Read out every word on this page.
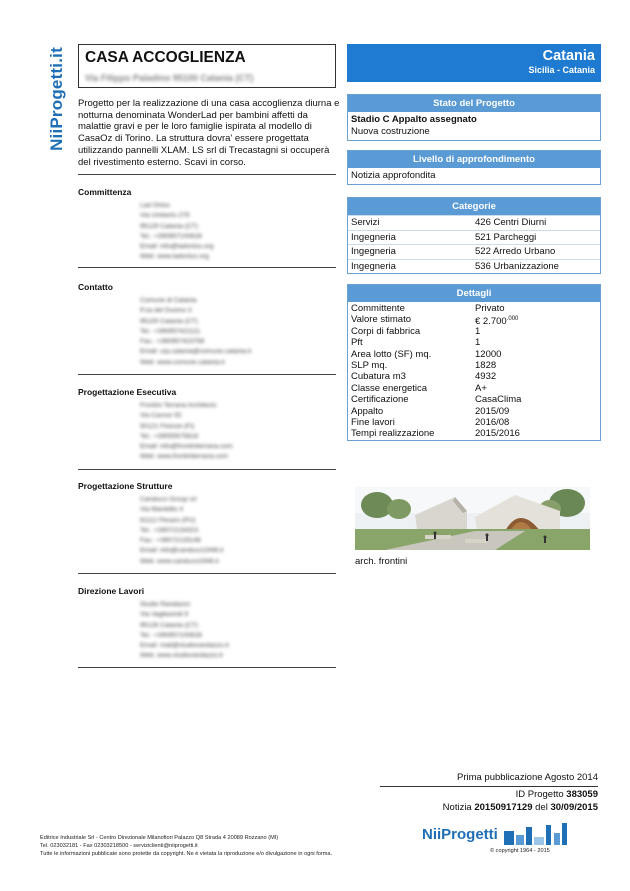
NiiProgetti.it CASA ACCOGLIENZA
Via Filippo Paladino 95100 Catania (CT)
Progetto per la realizzazione di una casa accoglienza diurna e notturna denominata WonderLad per bambini affetti da malattie gravi e per le loro famiglie ispirata al modello di CasaOz di Torino. La struttura dovra' essere progettata utilizzando pannelli XLAM. LS srl di Trecastagni si occuperà del rivestimento esterno. Scavi in corso.
Committenza
Lad Onlus
Via Umberto 279
95129 Catania (CT)
Tel.: +390957100628
Email: info@ladonlus.org
Web: www.ladonlus.org
Contatto
Comune di Catania
P.za del Duomo 3
95100 Catania (CT)
Tel.: +390957421111
Fax.: +390957423758
Email: urp.catania@comune.catania.it
Web: www.comune.catania.it
Progettazione Esecutiva
Frontini Terrana Architects
Via Cavour 92
50121 Firenze (FI)
Tel.: +39055575818
Email: info@frontiniterrana.com
Web: www.frontiniterrana.com
Progettazione Strutture
Canducci Group srl
Via Mantellio 4
61112 Pesaro (PU)
Tel.: +39072134323
Fax.: +39072133148
Email: info@canducci1946.it
Web: www.canducci1946.it
Direzione Lavori
Studio Randazzo
Via Vagliasindi 9
95126 Catania (CT)
Tel.: +390957100628
Email: mail@studiorandazzo.it
Web: www.studiorandazzo.it
Catania
Sicilia - Catania
Stato del Progetto
Stadio C Appalto assegnato
Nuova costruzione
Livello di approfondimento
Notizia approfondita
Categorie
Servizi	426 Centri Diurni
Ingegneria	521 Parcheggi
Ingegneria	522 Arredo Urbano
Ingegneria	536 Urbanizzazione
Dettagli
Committente	Privato
Valore stimato	€ $2.700^{.000}$
Corpi di fabbrica	1
Pft	1
Area lotto (SF) mq.	12000
SLP mq.	1828
Cubatura m3	4932
Classe energetica	A+
Certificazione	CasaClima
Appalto	2015/09
Fine lavori	2016/08
Tempi realizzazione	2015/2016
arch. frontini
Prima pubblicazione Agosto 2014
ID Progetto 383059
Notizia 20150917129 del 30/09/2015
Editrice Industriale Srl - Centro Direzionale Milanofiori Palazzo Q8 Strada 4 20089 Rozzano (MI)
Tel. 023032181 - Fax 02303218500 - serviziclienti@niiprogetti.it
Tutte le informazioni pubblicate sono protette da copyright. Ne è vietata la riproduzione e/o divulgazione in ogni forma.
NiiProgetti
© copyright 1964 - 2015
